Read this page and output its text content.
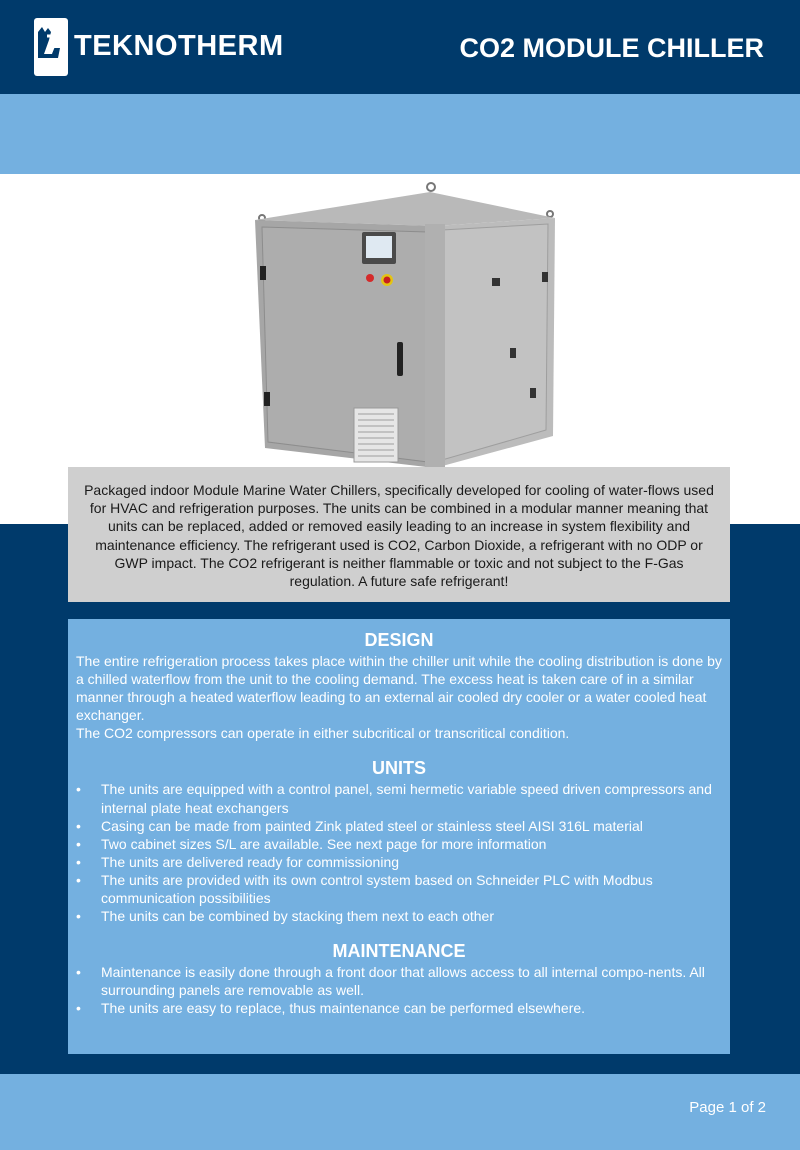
TEKNOTHERM	CO2 MODULE CHILLER
Packaged indoor Module Marine Water Chillers, specifically developed for cooling of water-flows used for HVAC and refrigeration purposes. The units can be combined in a modular manner meaning that units can be replaced, added or removed easily leading to an increase in system flexibility and maintenance efficiency. The refrigerant used is CO2, Carbon Dioxide, a refrigerant with no ODP or GWP impact. The CO2 refrigerant is neither flammable or toxic and not subject to the F-Gas regulation. A future safe refrigerant!
DESIGN

The entire refrigeration process takes place within the chiller unit while the cooling distribution is done by a chilled waterflow from the unit to the cooling demand. The excess heat is taken care of in a similar manner through a heated waterflow leading to an external air cooled dry cooler or a water cooled heat exchanger.

The CO2 compressors can operate in either subcritical or transcritical condition.

UNITS
• The units are equipped with a control panel, semi hermetic variable speed driven compressors and internal plate heat exchangers
• Casing can be made from painted Zink plated steel or stainless steel AISI 316L material
• Two cabinet sizes S/L are available. See next page for more information
• The units are delivered ready for commissioning
• The units are provided with its own control system based on Schneider PLC with Modbus communication possibilities
• The units can be combined by stacking them next to each other
MAINTENANCE
• Maintenance is easily done through a front door that allows access to all internal compo-nents. All surrounding panels are removable as well.
• The units are easy to replace, thus maintenance can be performed elsewhere.
Page 1 of 2
